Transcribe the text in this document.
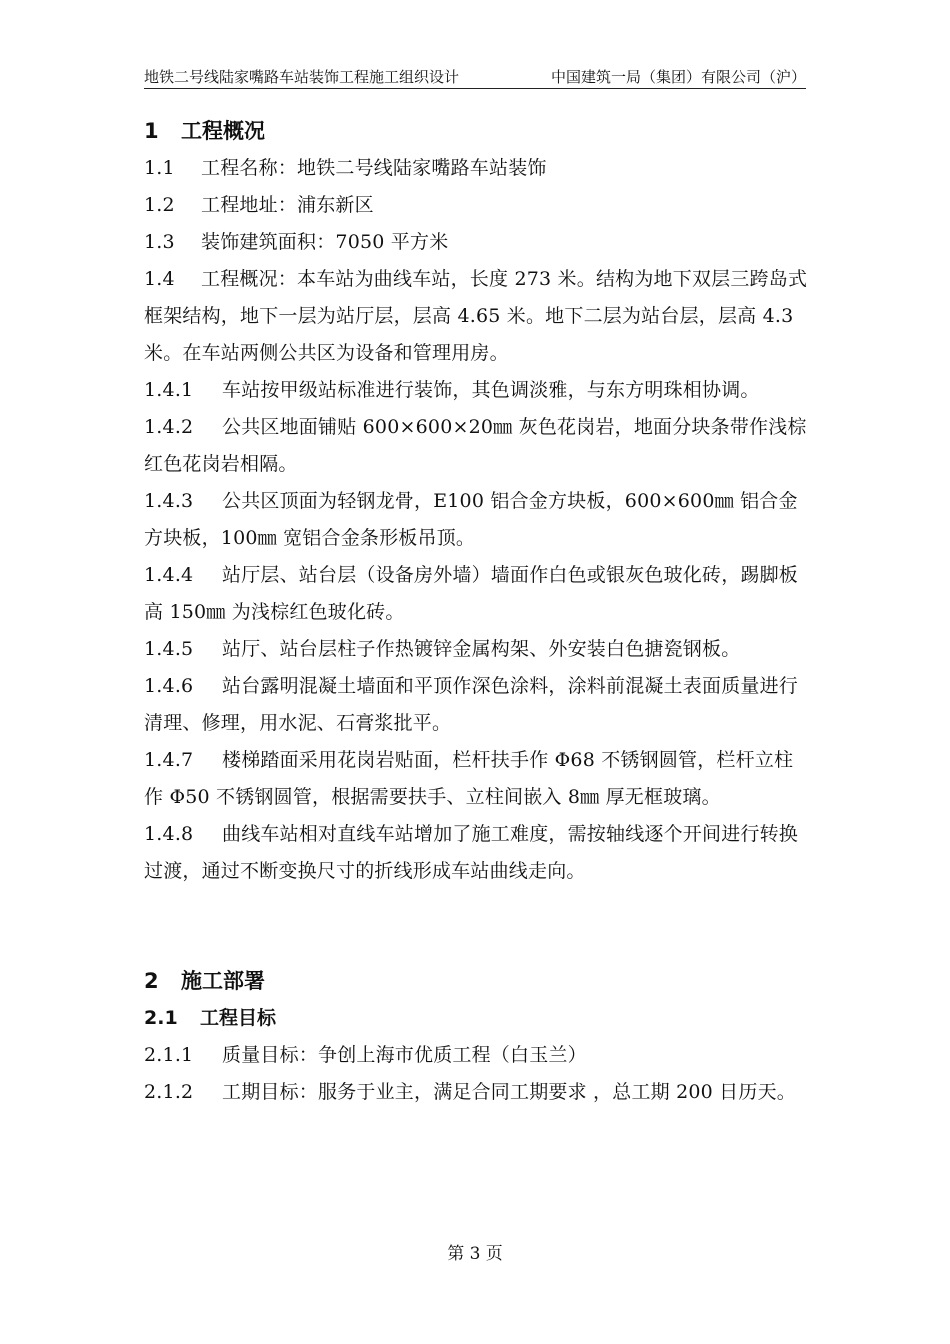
地铁二号线陆家嘴路车站装饰工程施工组织设计	中国建筑一局（集团）有限公司（沪）
1 工程概况
1.1 工程名称：地铁二号线陆家嘴路车站装饰
1.2 工程地址：浦东新区
1.3 装饰建筑面积：7050 平方米
1.4 工程概况：本车站为曲线车站，长度 273 米。结构为地下双层三跨岛式框架结构，地下一层为站厅层，层高 4.65 米。地下二层为站台层，层高 4.3 米。在车站两侧公共区为设备和管理用房。
1.4.1 车站按甲级站标准进行装饰，其色调淡雅，与东方明珠相协调。
1.4.2 公共区地面铺贴 600×600×20㎜ 灰色花岗岩，地面分块条带作浅棕红色花岗岩相隔。
1.4.3 公共区顶面为轻钢龙骨，E100 铝合金方块板，600×600㎜ 铝合金方块板，100㎜ 宽铝合金条形板吊顶。
1.4.4 站厅层、站台层（设备房外墙）墙面作白色或银灰色玻化砖，踢脚板高 150㎜ 为浅棕红色玻化砖。
1.4.5 站厅、站台层柱子作热镀锌金属构架、外安装白色搪瓷钢板。
1.4.6 站台露明混凝土墙面和平顶作深色涂料，涂料前混凝土表面质量进行清理、修理，用水泥、石膏浆批平。
1.4.7 楼梯踏面采用花岗岩贴面，栏杆扶手作 Φ68 不锈钢圆管，栏杆立柱作 Φ50 不锈钢圆管，根据需要扶手、立柱间嵌入 8㎜ 厚无框玻璃。
1.4.8 曲线车站相对直线车站增加了施工难度，需按轴线逐个开间进行转换过渡，通过不断变换尺寸的折线形成车站曲线走向。
2 施工部署
2.1 工程目标
2.1.1 质量目标：争创上海市优质工程（白玉兰）
2.1.2 工期目标：服务于业主，满足合同工期要求 ，总工期 200 日历天。
第 3 页
